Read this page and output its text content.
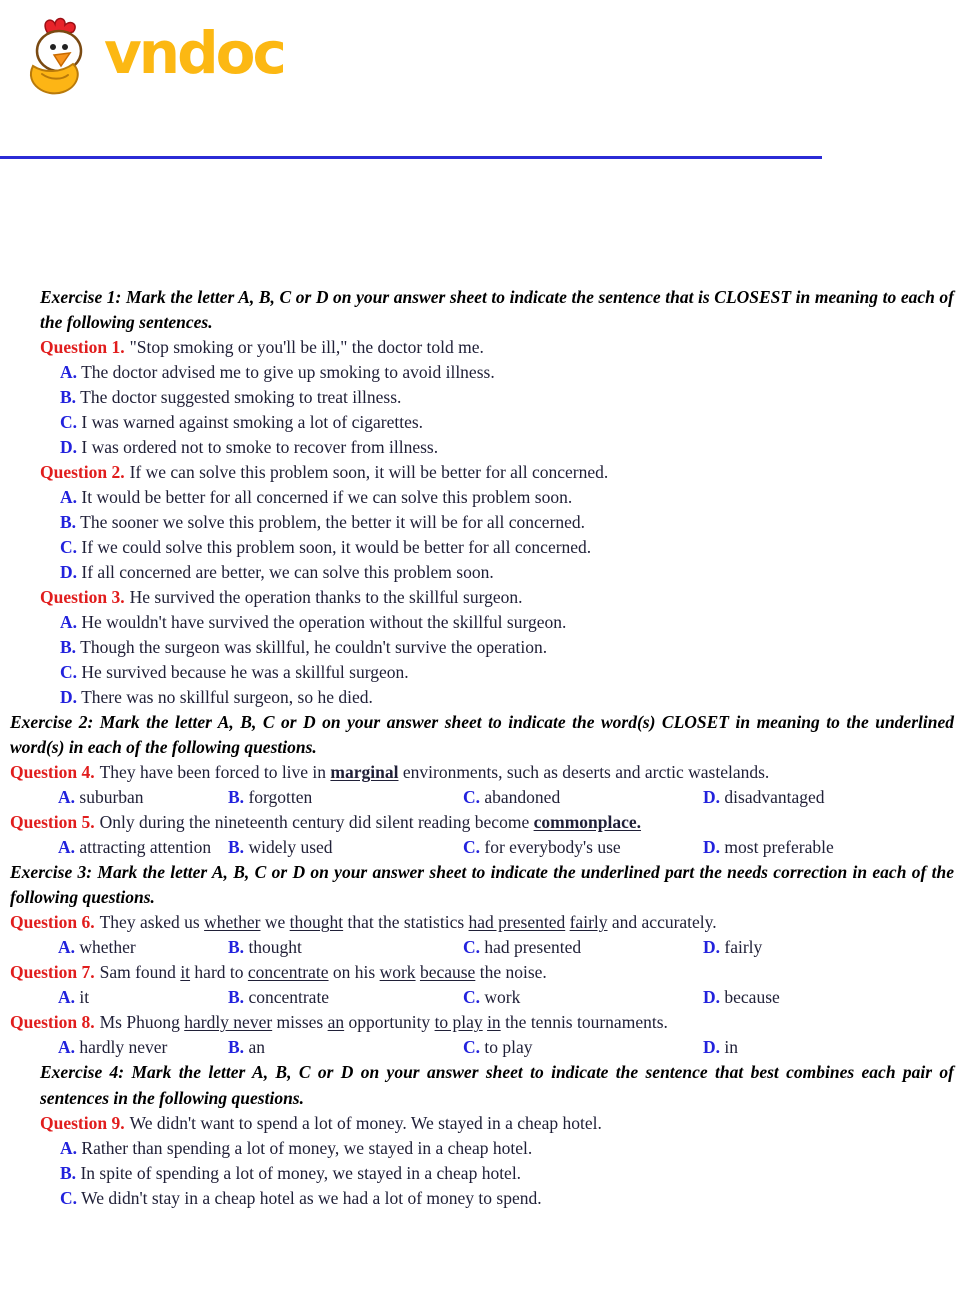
vndoc

Exercise 1: Mark the letter A, B, C or D on your answer sheet to indicate the sentence that is CLOSEST in meaning to each of the following sentences.

Question 1. "Stop smoking or you'll be ill," the doctor told me.

A. The doctor advised me to give up smoking to avoid illness.

B. The doctor suggested smoking to treat illness.

C. I was warned against smoking a lot of cigarettes.

D. I was ordered not to smoke to recover from illness.

Question 2. If we can solve this problem soon, it will be better for all concerned.

A. It would be better for all concerned if we can solve this problem soon.

B. The sooner we solve this problem, the better it will be for all concerned.

C. If we could solve this problem soon, it would be better for all concerned.

D. If all concerned are better, we can solve this problem soon.

Question 3. He survived the operation thanks to the skillful surgeon.

A. He wouldn't have survived the operation without the skillful surgeon.

B. Though the surgeon was skillful, he couldn't survive the operation.

C. He survived because he was a skillful surgeon.

D. There was no skillful surgeon, so he died.

Exercise 2: Mark the letter A, B, C or D on your answer sheet to indicate the word(s) CLOSET in meaning to the underlined word(s) in each of the following questions.

Question 4. They have been forced to live in marginal environments, such as deserts and arctic wastelands.

A. suburban	B. forgotten	C. abandoned	D. disadvantaged

Question 5. Only during the nineteenth century did silent reading become commonplace.

A. attracting attention B. widely used	C. for everybody's use	D. most preferable

Exercise 3: Mark the letter A, B, C or D on your answer sheet to indicate the underlined part the needs correction in each of the following questions.

Question 6. They asked us whether we thought that the statistics had presented fairly and accurately.

A. whether	B. thought	C. had presented	D. fairly

Question 7. Sam found it hard to concentrate on his work because the noise.

A. it	B. concentrate	C. work	D. because

Question 8. Ms Phuong hardly never misses an opportunity to play in the tennis tournaments.

A. hardly never	B. an	C. to play	D. in

Exercise 4: Mark the letter A, B, C or D on your answer sheet to indicate the sentence that best combines each pair of sentences in the following questions.

Question 9. We didn't want to spend a lot of money. We stayed in a cheap hotel.

A. Rather than spending a lot of money, we stayed in a cheap hotel.

B. In spite of spending a lot of money, we stayed in a cheap hotel.

C. We didn't stay in a cheap hotel as we had a lot of money to spend.
